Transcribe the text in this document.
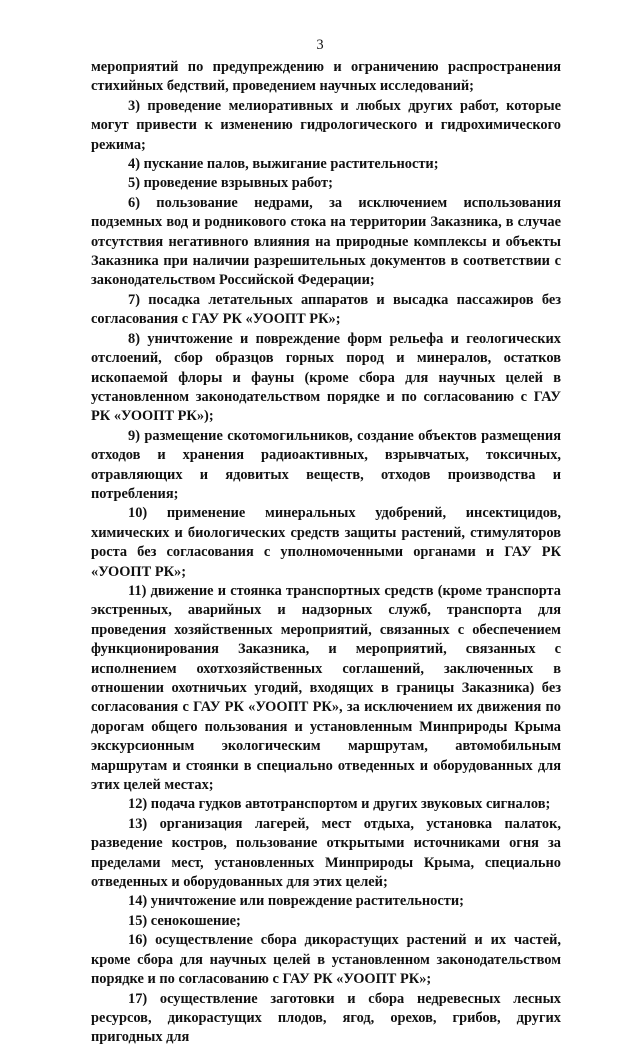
3

мероприятий по предупреждению и ограничению распространения стихийных бедствий, проведением научных исследований;

3) проведение мелиоративных и любых других работ, которые могут привести к изменению гидрологического и гидрохимического режима;

4) пускание палов, выжигание растительности;

5) проведение взрывных работ;

6) пользование недрами, за исключением использования подземных вод и родникового стока на территории Заказника, в случае отсутствия негативного влияния на природные комплексы и объекты Заказника при наличии разрешительных документов в соответствии с законодательством Российской Федерации;

7) посадка летательных аппаратов и высадка пассажиров без согласования с ГАУ РК «УООПТ РК»;

8) уничтожение и повреждение форм рельефа и геологических отслоений, сбор образцов горных пород и минералов, остатков ископаемой флоры и фауны (кроме сбора для научных целей в установленном законодательством порядке и по согласованию с ГАУ РК «УООПТ РК»);

9) размещение скотомогильников, создание объектов размещения отходов и хранения радиоактивных, взрывчатых, токсичных, отравляющих и ядовитых веществ, отходов производства и потребления;

10) применение минеральных удобрений, инсектицидов, химических и биологических средств защиты растений, стимуляторов роста без согласования с уполномоченными органами и ГАУ РК «УООПТ РК»;

11) движение и стоянка транспортных средств (кроме транспорта экстренных, аварийных и надзорных служб, транспорта для проведения хозяйственных мероприятий, связанных с обеспечением функционирования Заказника, и мероприятий, связанных с исполнением охотхозяйственных соглашений, заключенных в отношении охотничьих угодий, входящих в границы Заказника) без согласования с ГАУ РК «УООПТ РК», за исключением их движения по дорогам общего пользования и установленным Минприроды Крыма экскурсионным экологическим маршрутам, автомобильным маршрутам и стоянки в специально отведенных и оборудованных для этих целей местах;

12) подача гудков автотранспортом и других звуковых сигналов;

13) организация лагерей, мест отдыха, установка палаток, разведение костров, пользование открытыми источниками огня за пределами мест, установленных Минприроды Крыма, специально отведенных и оборудованных для этих целей;

14) уничтожение или повреждение растительности;

15) сенокошение;

16) осуществление сбора дикорастущих растений и их частей, кроме сбора для научных целей в установленном законодательством порядке и по согласованию с ГАУ РК «УООПТ РК»;

17) осуществление заготовки и сбора недревесных лесных ресурсов, дикорастущих плодов, ягод, орехов, грибов, других пригодных для
